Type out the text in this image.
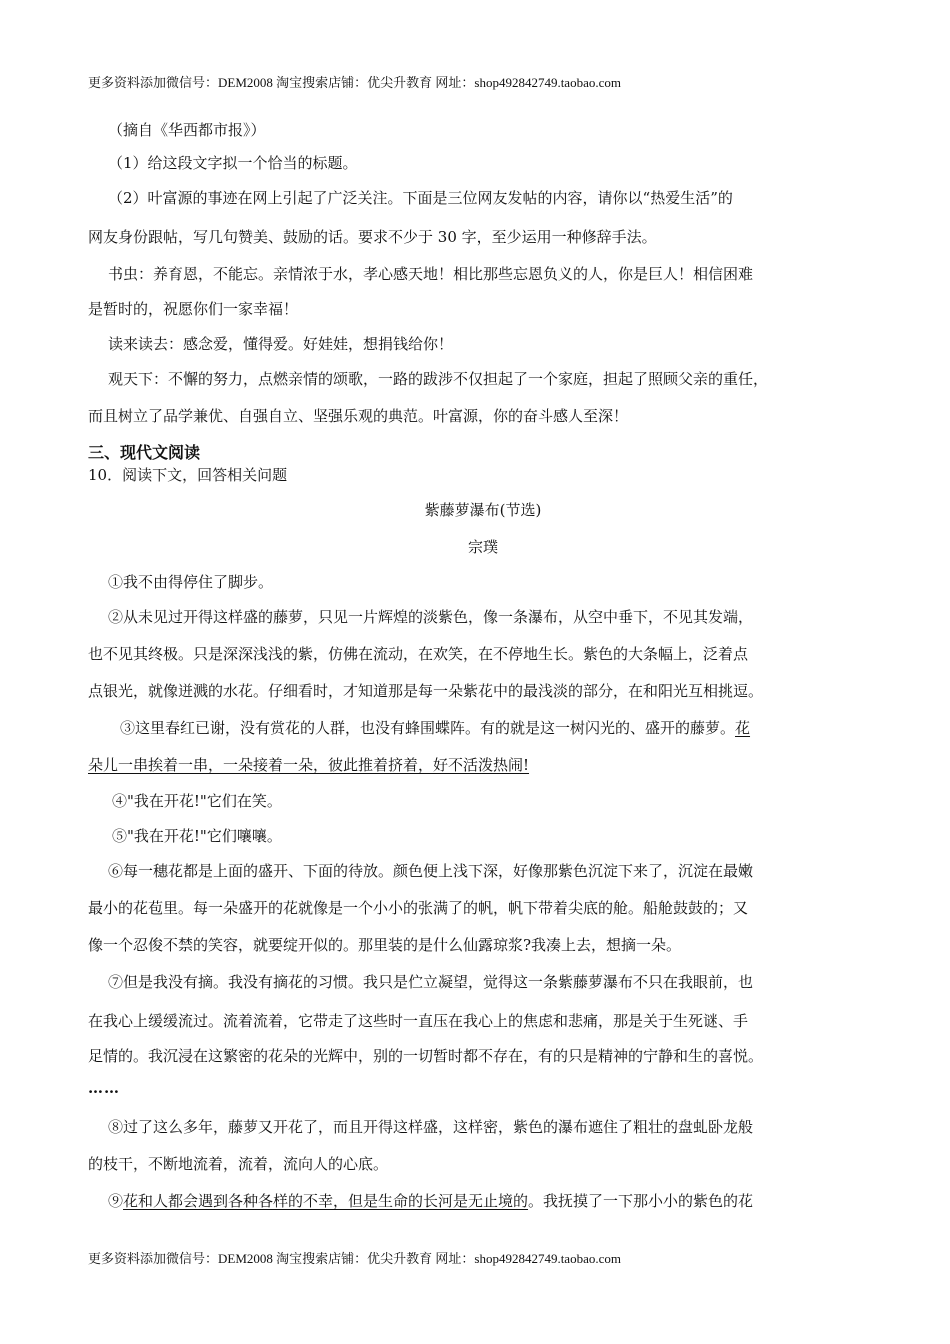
更多资料添加微信号：DEM2008 淘宝搜索店铺：优尖升教育 网址：shop492842749.taobao.com
（摘自《华西都市报》）
（1）给这段文字拟一个恰当的标题。
（2）叶富源的事迹在网上引起了广泛关注。下面是三位网友发帖的内容，请你以“热爱生活”的
网友身份跟帖，写几句赞美、鼓励的话。要求不少于 30 字，至少运用一种修辞手法。
书虫：养育恩，不能忘。亲情浓于水，孝心感天地！相比那些忘恩负义的人，你是巨人！相信困难
是暂时的，祝愿你们一家幸福！
读来读去：感念爱，懂得爱。好娃娃，想捐钱给你！
观天下：不懈的努力，点燃亲情的颂歌，一路的跋涉不仅担起了一个家庭，担起了照顾父亲的重任，
而且树立了品学兼优、自强自立、坚强乐观的典范。叶富源，你的奋斗感人至深！
三、现代文阅读
10．阅读下文，回答相关问题
紫藤萝瀑布(节选)
宗璞
①我不由得停住了脚步。
②从未见过开得这样盛的藤萝，只见一片辉煌的淡紫色，像一条瀑布，从空中垂下，不见其发端，
也不见其终极。只是深深浅浅的紫，仿佛在流动，在欢笑，在不停地生长。紫色的大条幅上，泛着点
点银光，就像迸溅的水花。仔细看时，才知道那是每一朵紫花中的最浅淡的部分，在和阳光互相挑逗。
③这里春红已谢，没有赏花的人群，也没有蜂围蝶阵。有的就是这一树闪光的、盛开的藤萝。花
朵儿一串挨着一串，一朵接着一朵，彼此推着挤着，好不活泼热闹!
④"我在开花!"它们在笑。
⑤"我在开花!"它们嚷嚷。
⑥每一穗花都是上面的盛开、下面的待放。颜色便上浅下深，好像那紫色沉淀下来了，沉淀在最嫩
最小的花苞里。每一朵盛开的花就像是一个小小的张满了的帆，帆下带着尖底的舱。船舱鼓鼓的；又
像一个忍俊不禁的笑容，就要绽开似的。那里装的是什么仙露琼浆?我凑上去，想摘一朵。
⑦但是我没有摘。我没有摘花的习惯。我只是伫立凝望，觉得这一条紫藤萝瀑布不只在我眼前，也
在我心上缓缓流过。流着流着，它带走了这些时一直压在我心上的焦虑和悲痛，那是关于生死谜、手
足情的。我沉浸在这繁密的花朵的光辉中，别的一切暂时都不存在，有的只是精神的宁静和生的喜悦。
……
⑧过了这么多年，藤萝又开花了，而且开得这样盛，这样密，紫色的瀑布遮住了粗壮的盘虬卧龙般
的枝干，不断地流着，流着，流向人的心底。
⑨花和人都会遇到各种各样的不幸，但是生命的长河是无止境的。我抚摸了一下那小小的紫色的花
更多资料添加微信号：DEM2008 淘宝搜索店铺：优尖升教育 网址：shop492842749.taobao.com
